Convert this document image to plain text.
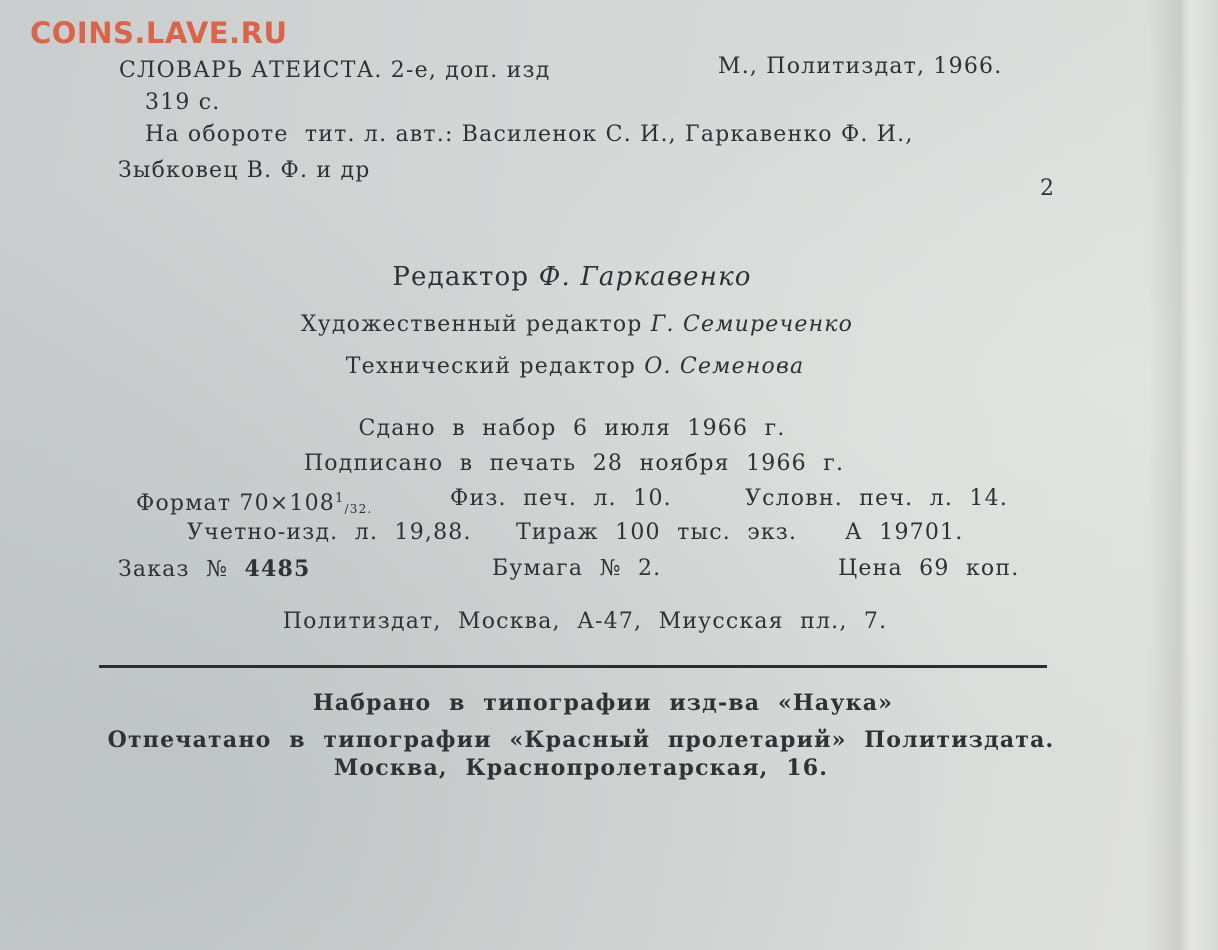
COINS.LAVE.RU
СЛОВАРЬ АТЕИСТА. 2-е, доп. изд	М., Политиздат, 1966.
319 с.
На обороте  тит. л. авт.: Василенок С. И., Гаркавенко Ф. И.,
Зыбковец В. Ф. и др
2
Редактор Ф. Гаркавенко
Художественный редактор Г. Семиреченко
Технический редактор О. Семенова
Сдано  в  набор  6  июля  1966  г.
Подписано  в  печать  28  ноября  1966  г.
Формат $70\times 108^1_{/32.}$	Физ.  печ.  л.  10.	Условн.  печ.  л.  14.
Учетно-изд.  л.  19,88. Тираж  100  тыс.  экз. А  19701.
Заказ  № 4485	Бумага  №  2.	Цена  69  коп.
Политиздат,  Москва,  А-47,  Миусская  пл.,  7.
Набрано  в  типографии  изд-ва  «Наука»
Отпечатано  в  типографии  «Красный  пролетарий»  Политиздата.
Москва,  Краснопролетарская,  16.
